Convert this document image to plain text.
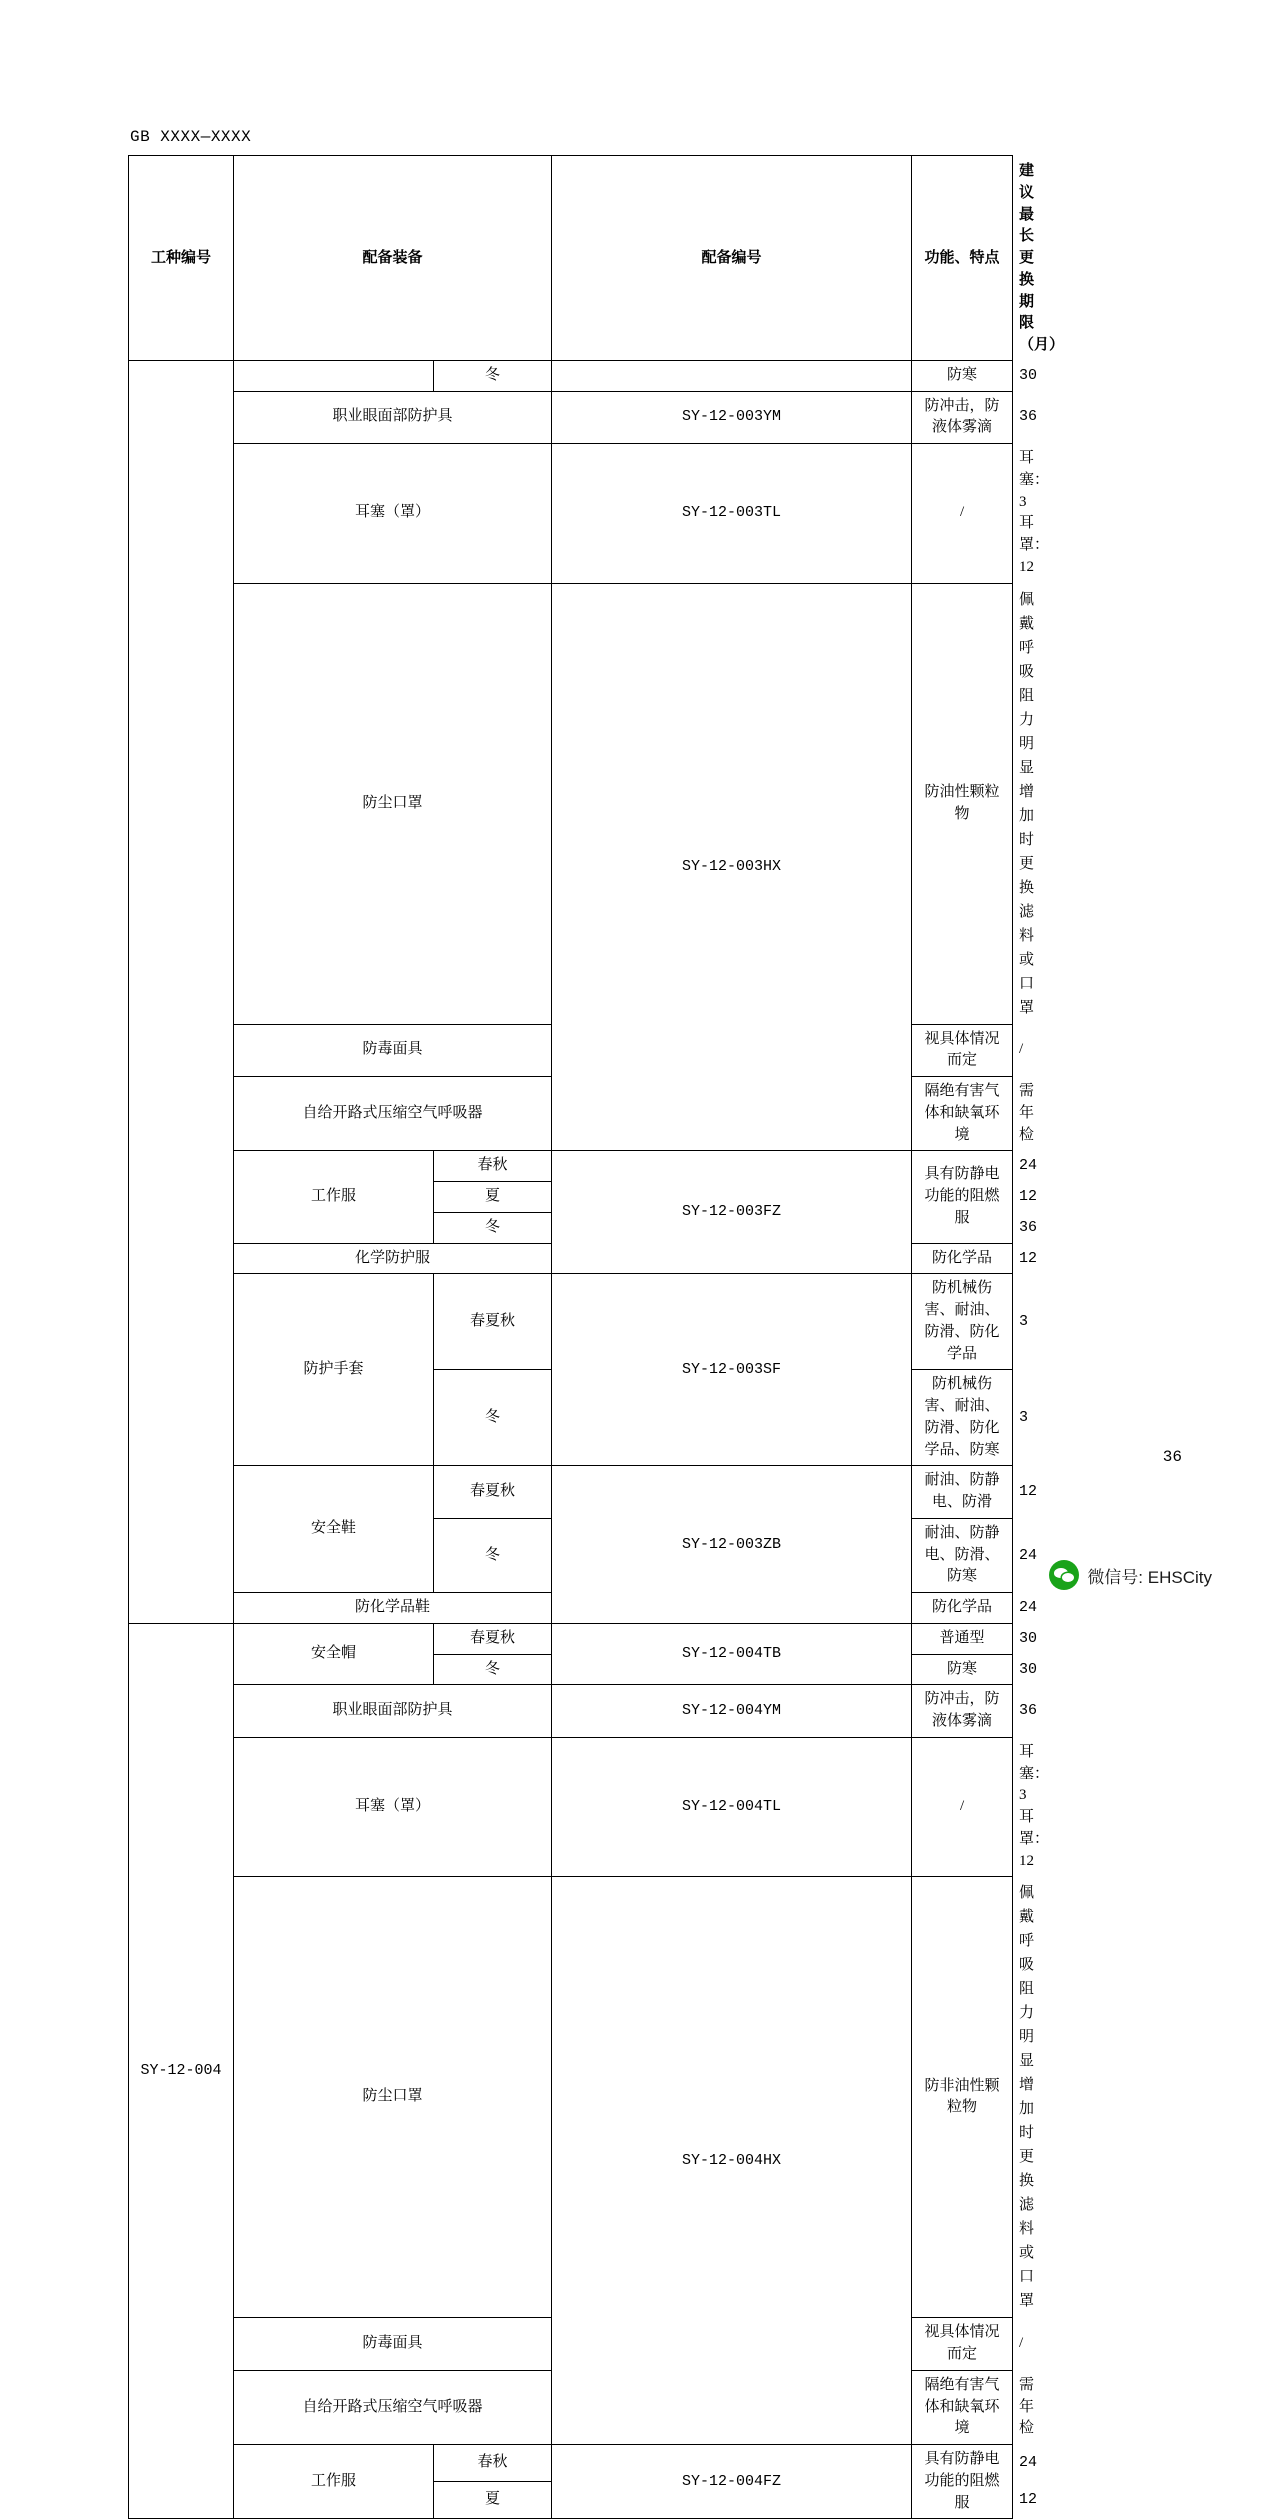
GB XXXX—XXXX
工种编号	配备装备		配备编号	功能、特点	建议最长更换期限（月）
		冬		防寒	30
	职业眼面部防护具		SY-12-003YM	防冲击，防液体雾滴	36
	耳塞（罩）		SY-12-003TL	/	耳塞：3
耳罩：12

	防尘口罩		SY-12-003HX	防油性颗粒物	佩戴呼吸阻力明显增加时更换滤料或口罩
	防毒面具			视具体情况而定	/
	自给开路式压缩空气呼吸器			隔绝有害气体和缺氧环境	需年检
	工作服	春秋	SY-12-003FZ	具有防静电功能的阻燃服	24
		夏			12
		冬			36
	化学防护服			防化学品	12
	防护手套	春夏秋	SY-12-003SF	防机械伤害、耐油、防滑、防化学品	3
		冬		防机械伤害、耐油、防滑、防化学品、防寒	3
	安全鞋	春夏秋	SY-12-003ZB	耐油、防静电、防滑	12
		冬		耐油、防静电、防滑、防寒	24
	防化学品鞋			防化学品	24
SY-12-004	安全帽	春夏秋	SY-12-004TB	普通型	30
		冬		防寒	30
	职业眼面部防护具		SY-12-004YM	防冲击，防液体雾滴	36
	耳塞（罩）		SY-12-004TL	/	耳塞：3
耳罩：12

	防尘口罩		SY-12-004HX	防非油性颗粒物	佩戴呼吸阻力明显增加时更换滤料或口罩
	防毒面具			视具体情况而定	/
	自给开路式压缩空气呼吸器			隔绝有害气体和缺氧环境	需年检
	工作服	春秋	SY-12-004FZ	具有防静电功能的阻燃服	24
		夏			12
36
微信号: EHSCity
